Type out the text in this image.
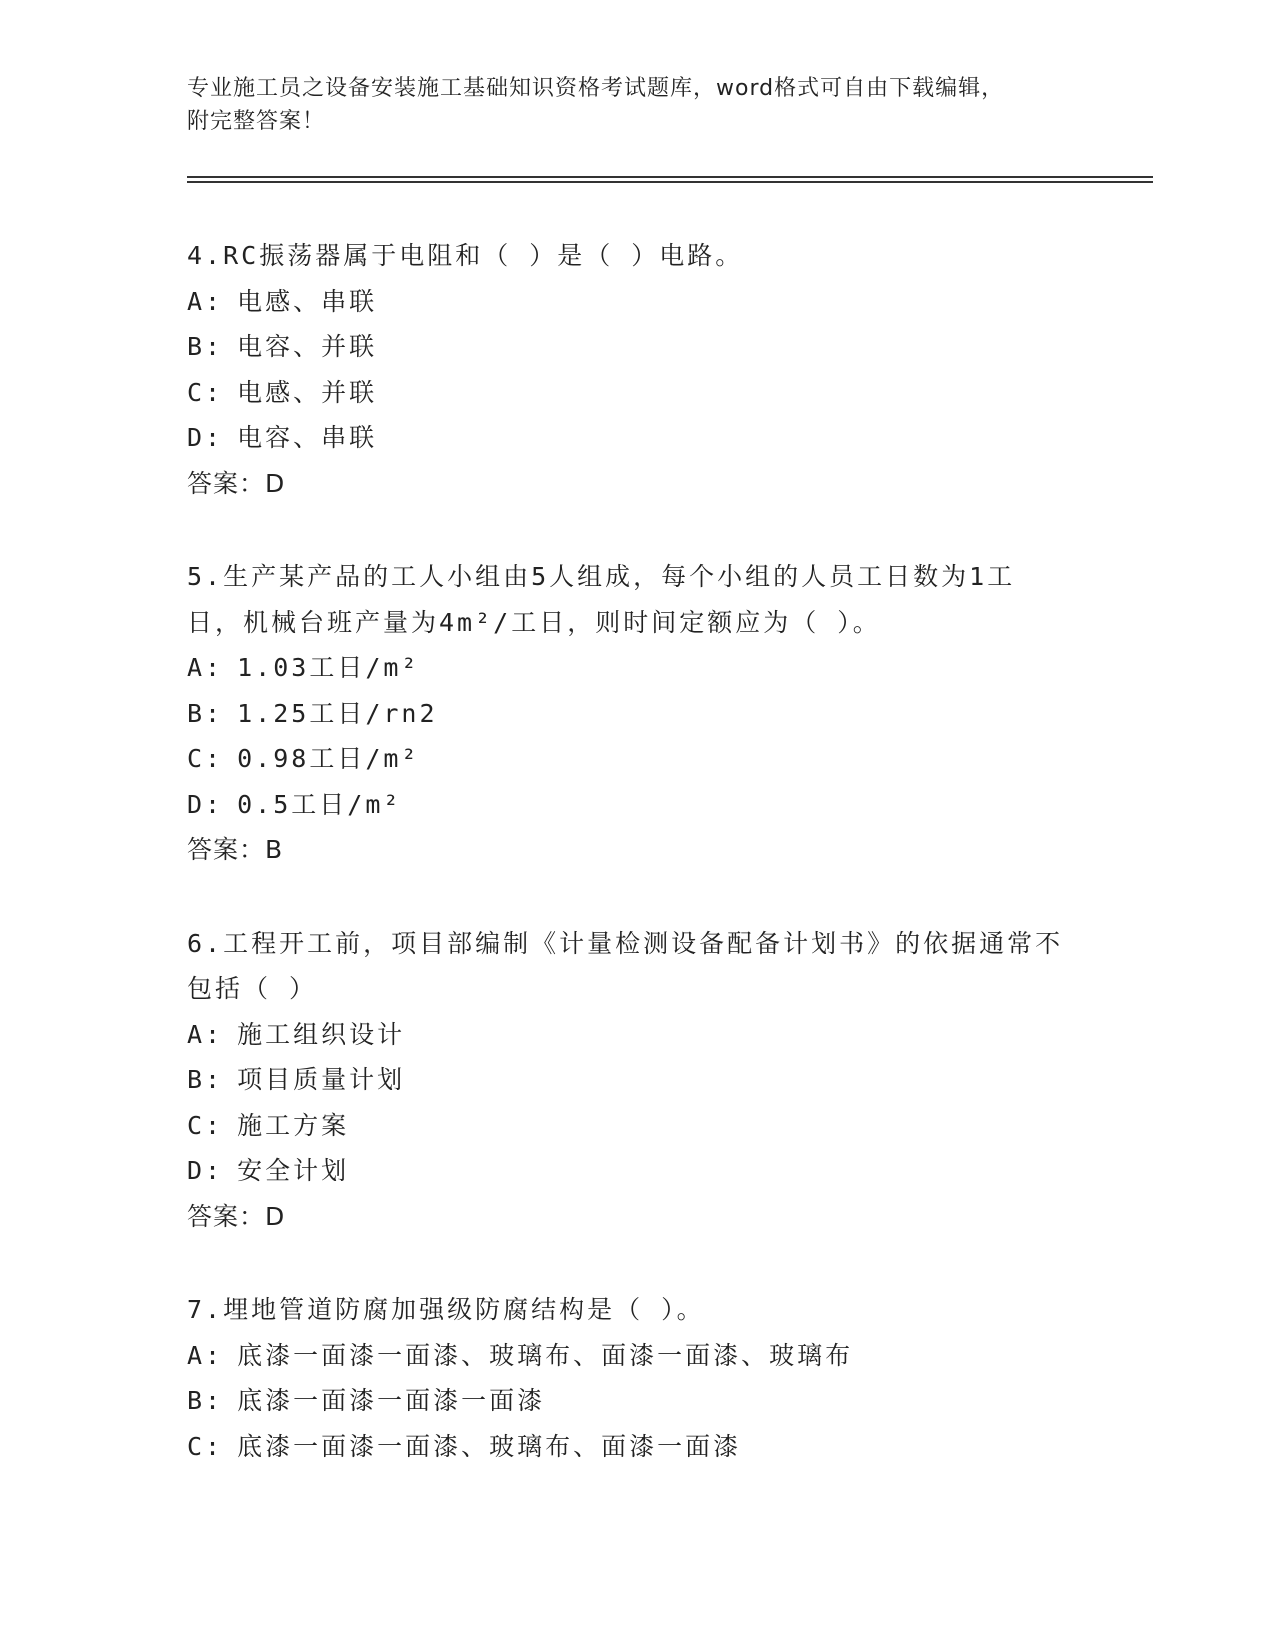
专业施工员之设备安装施工基础知识资格考试题库，word格式可自由下载编辑，
附完整答案！
4.RC振荡器属于电阻和（ ）是（ ）电路。
A: 电感、串联
B: 电容、并联
C: 电感、并联
D: 电容、串联
答案：D
5.生产某产品的工人小组由5人组成，每个小组的人员工日数为1工日，机械台班产量为4m²/工日，则时间定额应为（ ）。
A: 1.03工日/m²
B: 1.25工日/rn2
C: 0.98工日/m²
D: 0.5工日/m²
答案：B
6.工程开工前，项目部编制《计量检测设备配备计划书》的依据通常不包括（ ）
A: 施工组织设计
B: 项目质量计划
C: 施工方案
D: 安全计划
答案：D
7.埋地管道防腐加强级防腐结构是（ ）。
A: 底漆一面漆一面漆、玻璃布、面漆一面漆、玻璃布
B: 底漆一面漆一面漆一面漆
C: 底漆一面漆一面漆、玻璃布、面漆一面漆
